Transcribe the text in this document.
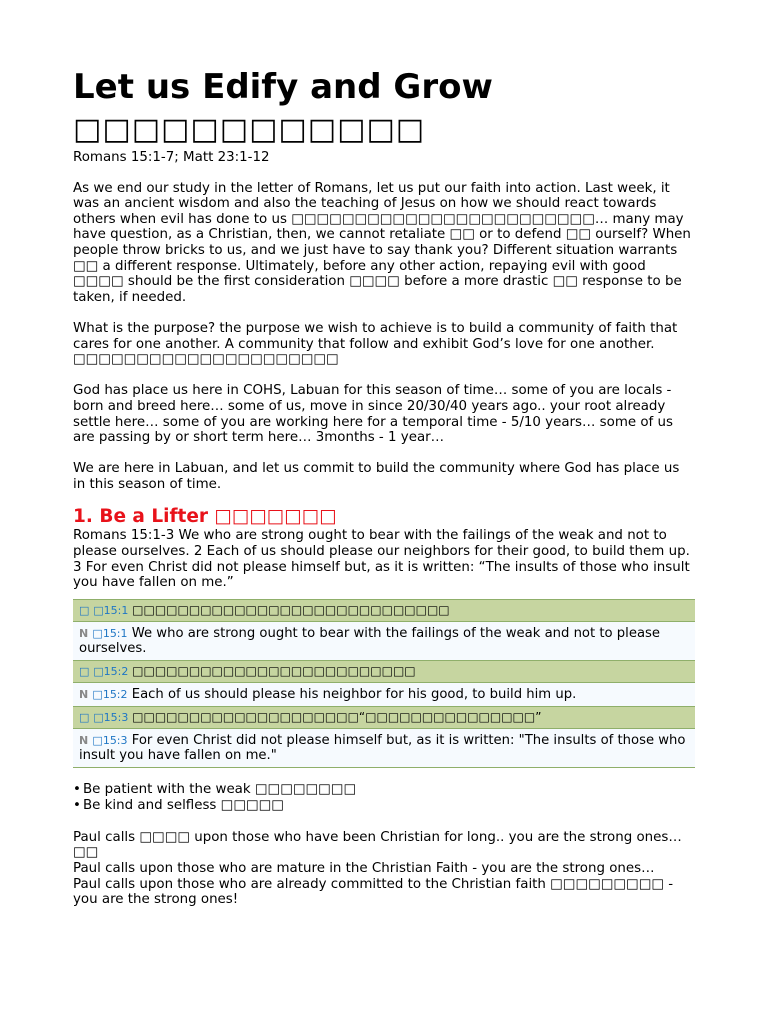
Let us Edify and Grow
□□□□□□□□□□□□
Romans 15:1-7; Matt 23:1-12

As we end our study in the letter of Romans, let us put our faith into action. Last week, it was an ancient wisdom and also the teaching of Jesus on how we should react towards others when evil has done to us □□□□□□□□□□□□□□□□□□□□□□□□… many may have question, as a Christian, then, we cannot retaliate □□ or to defend □□ ourself? When people throw bricks to us, and we just have to say thank you? Different situation warrants □□ a different response. Ultimately, before any other action, repaying evil with good □□□□ should be the first consideration □□□□ before a more drastic □□ response to be taken, if needed.

What is the purpose? the purpose we wish to achieve is to build a community of faith that cares for one another. A community that follow and exhibit God’s love for one another. □□□□□□□□□□□□□□□□□□□□□

God has place us here in COHS, Labuan for this season of time… some of you are locals - born and breed here… some of us, move in since 20/30/40 years ago.. your root already settle here… some of you are working here for a temporal time - 5/10 years… some of us are passing by or short term here… 3months - 1 year…

We are here in Labuan, and let us commit to build the community where God has place us in this season of time.

1. Be a Lifter □□□□□□□
Romans 15:1-3 We who are strong ought to bear with the failings of the weak and not to please ourselves. 2 Each of us should please our neighbors for their good, to build them up. 3 For even Christ did not please himself but, as it is written: “The insults of those who insult you have fallen on me.”
□ □15:1 □□□□□□□□□□□□□□□□□□□□□□□□□□□□
N □15:1 We who are strong ought to bear with the failings of the weak and not to please ourselves.
□ □15:2 □□□□□□□□□□□□□□□□□□□□□□□□□
N □15:2 Each of us should please his neighbor for his good, to build him up.
□ □15:3 □□□□□□□□□□□□□□□□□□□□“□□□□□□□□□□□□□□□”
N □15:3 For even Christ did not please himself but, as it is written: "The insults of those who insult you have fallen on me."
• Be patient with the weak □□□□□□□□
• Be kind and selfless □□□□□

Paul calls □□□□ upon those who have been Christian for long.. you are the strong ones… □□

Paul calls upon those who are mature in the Christian Faith - you are the strong ones…

Paul calls upon those who are already committed to the Christian faith □□□□□□□□□ - you are the strong ones!
